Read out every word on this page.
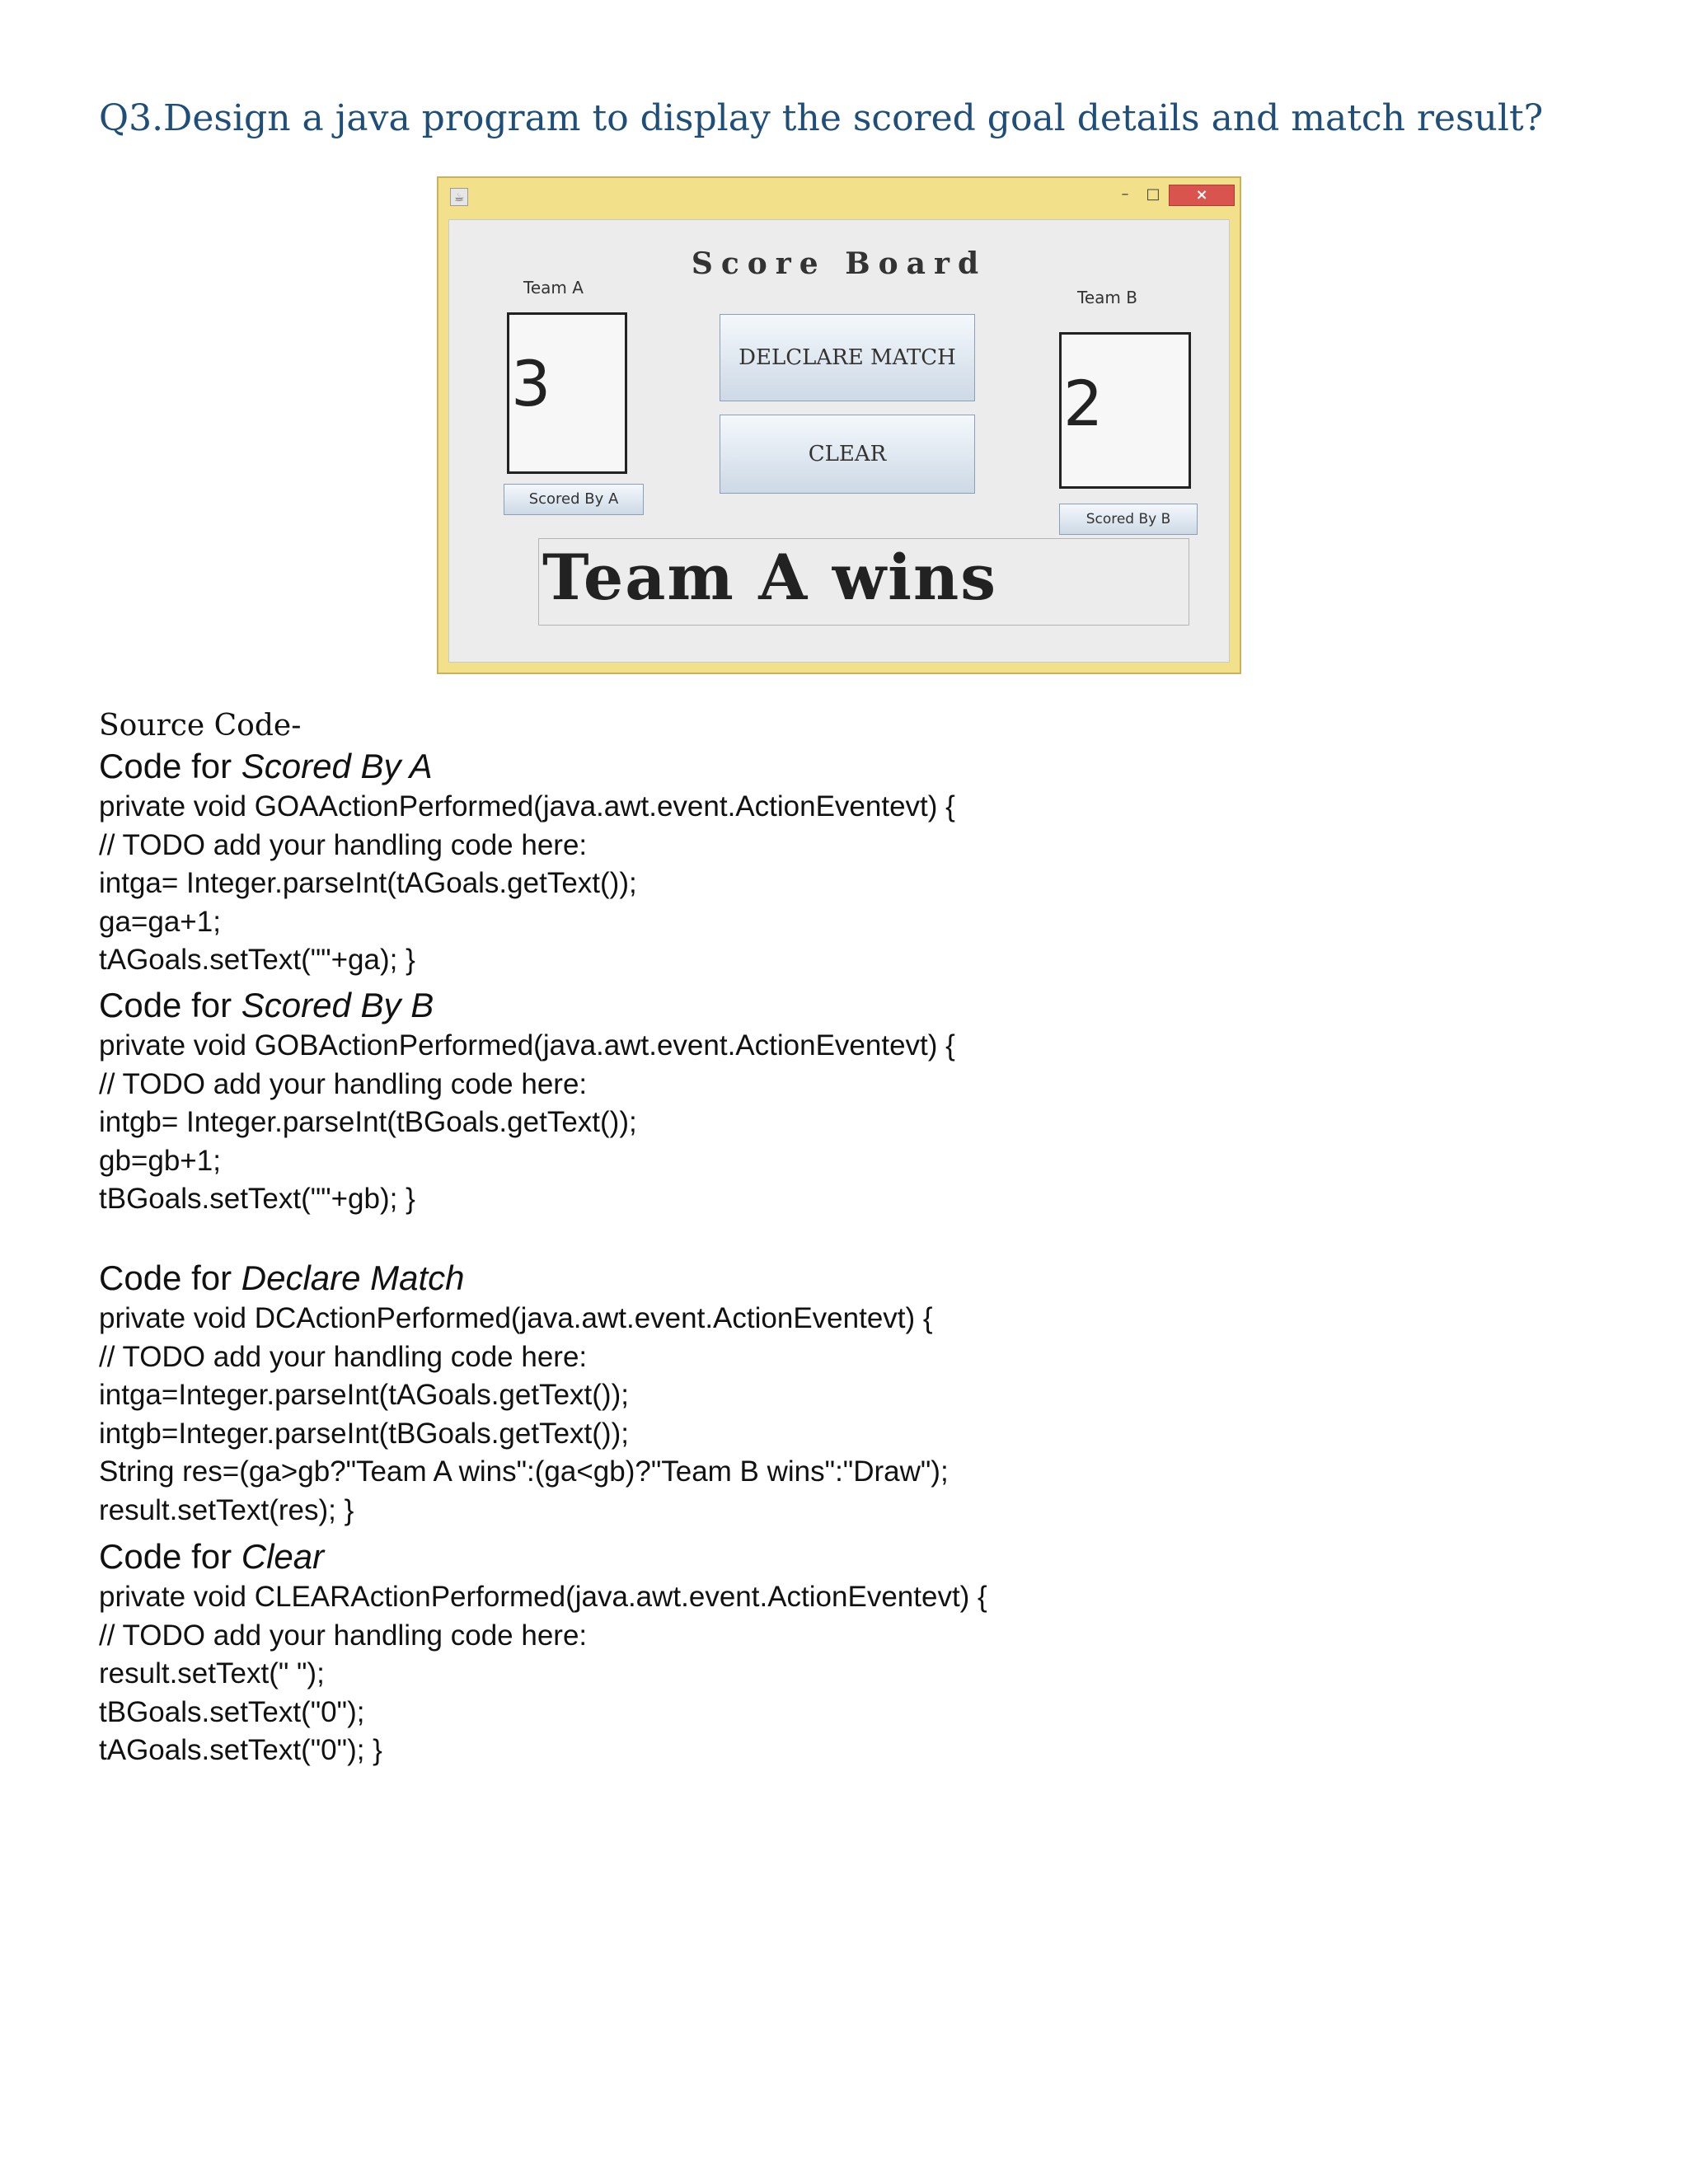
Q3.Design a java program to display the scored goal details and match result?
☕	–	□	×
Score Board
Team A	Team B
3	2
DELCLARE MATCH
CLEAR
Scored By A
Scored By B
Team A wins
Source Code-
Code for Scored By A
private void GOAActionPerformed(java.awt.event.ActionEventevt) {
// TODO add your handling code here:
intga= Integer.parseInt(tAGoals.getText());
ga=ga+1;
tAGoals.setText(""+ga); }
Code for Scored By B
private void GOBActionPerformed(java.awt.event.ActionEventevt) {
// TODO add your handling code here:
intgb= Integer.parseInt(tBGoals.getText());
gb=gb+1;
tBGoals.setText(""+gb); }
Code for Declare Match
private void DCActionPerformed(java.awt.event.ActionEventevt) {
// TODO add your handling code here:
intga=Integer.parseInt(tAGoals.getText());
intgb=Integer.parseInt(tBGoals.getText());
String res=(ga>gb?"Team A wins":(ga<gb)?"Team B wins":"Draw");
result.setText(res); }
Code for Clear
private void CLEARActionPerformed(java.awt.event.ActionEventevt) {
// TODO add your handling code here:
result.setText(" ");
tBGoals.setText("0");
tAGoals.setText("0"); }
